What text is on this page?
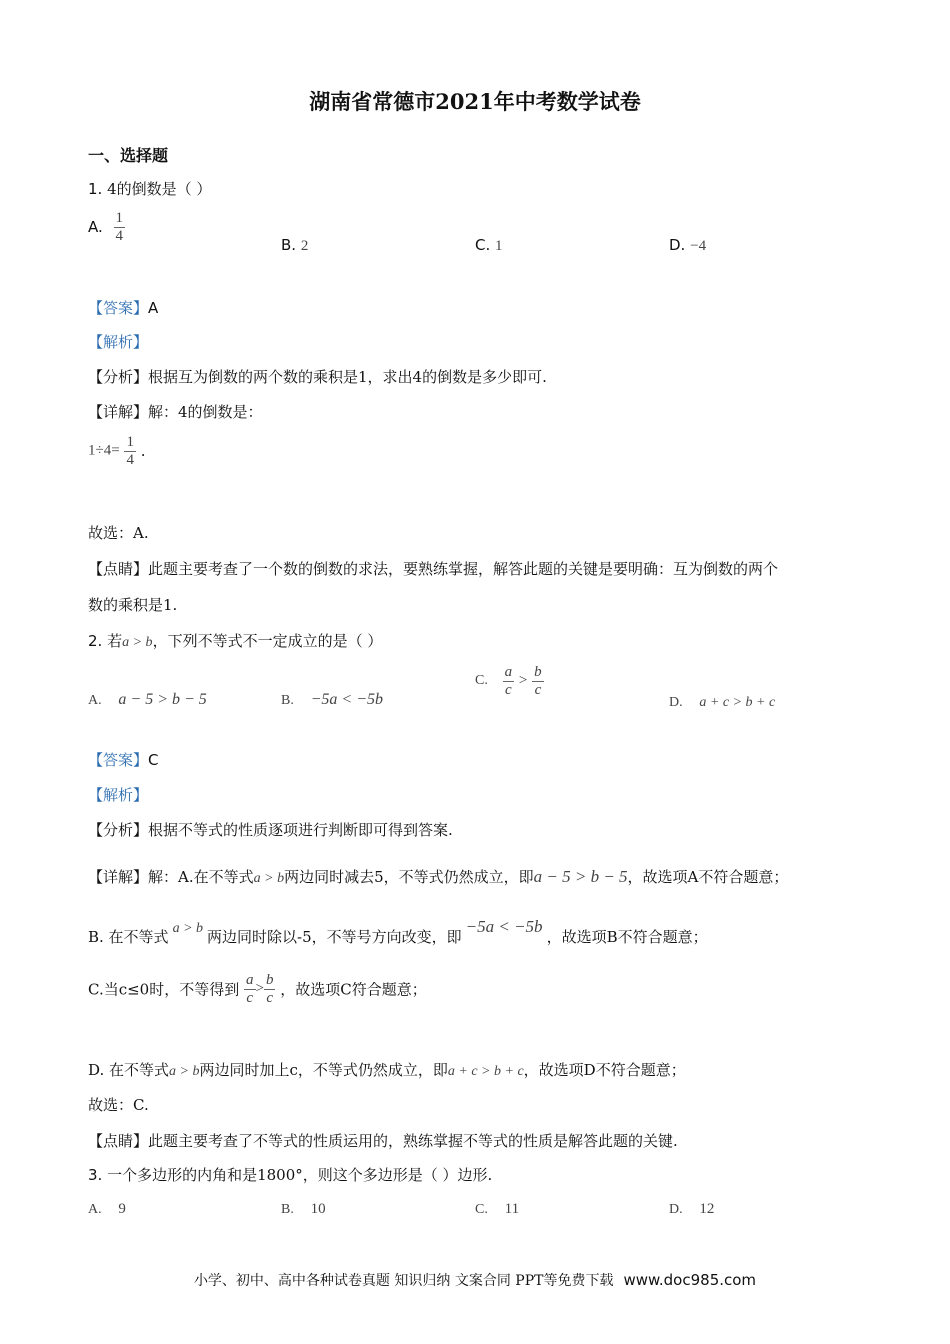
湖南省常德市2021年中考数学试卷
一、选择题
1. 4的倒数是（ ）
A. $\frac{1}{4}$
B. 2	C. 1	D. −4
【答案】A
【解析】
【分析】根据互为倒数的两个数的乘积是1，求出4的倒数是多少即可.
【详解】解：4的倒数是：
$1\div 4= \frac{1}{4}$ .
故选：A.
【点睛】此题主要考查了一个数的倒数的求法，要熟练掌握，解答此题的关键是要明确：互为倒数的两个
数的乘积是1.
2. 若a > b，下列不等式不一定成立的是（ ）
A. a − 5 > b − 5	B. −5a < −5b
C. $\frac{a}{c} > \frac{b}{c}$
D. a + c > b + c
【答案】C
【解析】
【分析】根据不等式的性质逐项进行判断即可得到答案.
【详解】解：A.在不等式a > b两边同时减去5，不等式仍然成立，即a − 5 > b − 5，故选项A不符合题意；
B. 在不等式 a > b 两边同时除以-5，不等号方向改变，即−5a < −5b，故选项B不符合题意；
C.当c≤0时，不等得到 $\frac{a}{c} > \frac{b}{c}$ ，故选项C符合题意；
D. 在不等式a > b两边同时加上c，不等式仍然成立，即a + c > b + c，故选项D不符合题意；
故选：C.
【点睛】此题主要考查了不等式的性质运用的，熟练掌握不等式的性质是解答此题的关键.
3. 一个多边形的内角和是1800°，则这个多边形是（ ）边形.
A. 9	B. 10	C. 11	D. 12
小学、初中、高中各种试卷真题 知识归纳 文案合同 PPT等免费下载 www.doc985.com
